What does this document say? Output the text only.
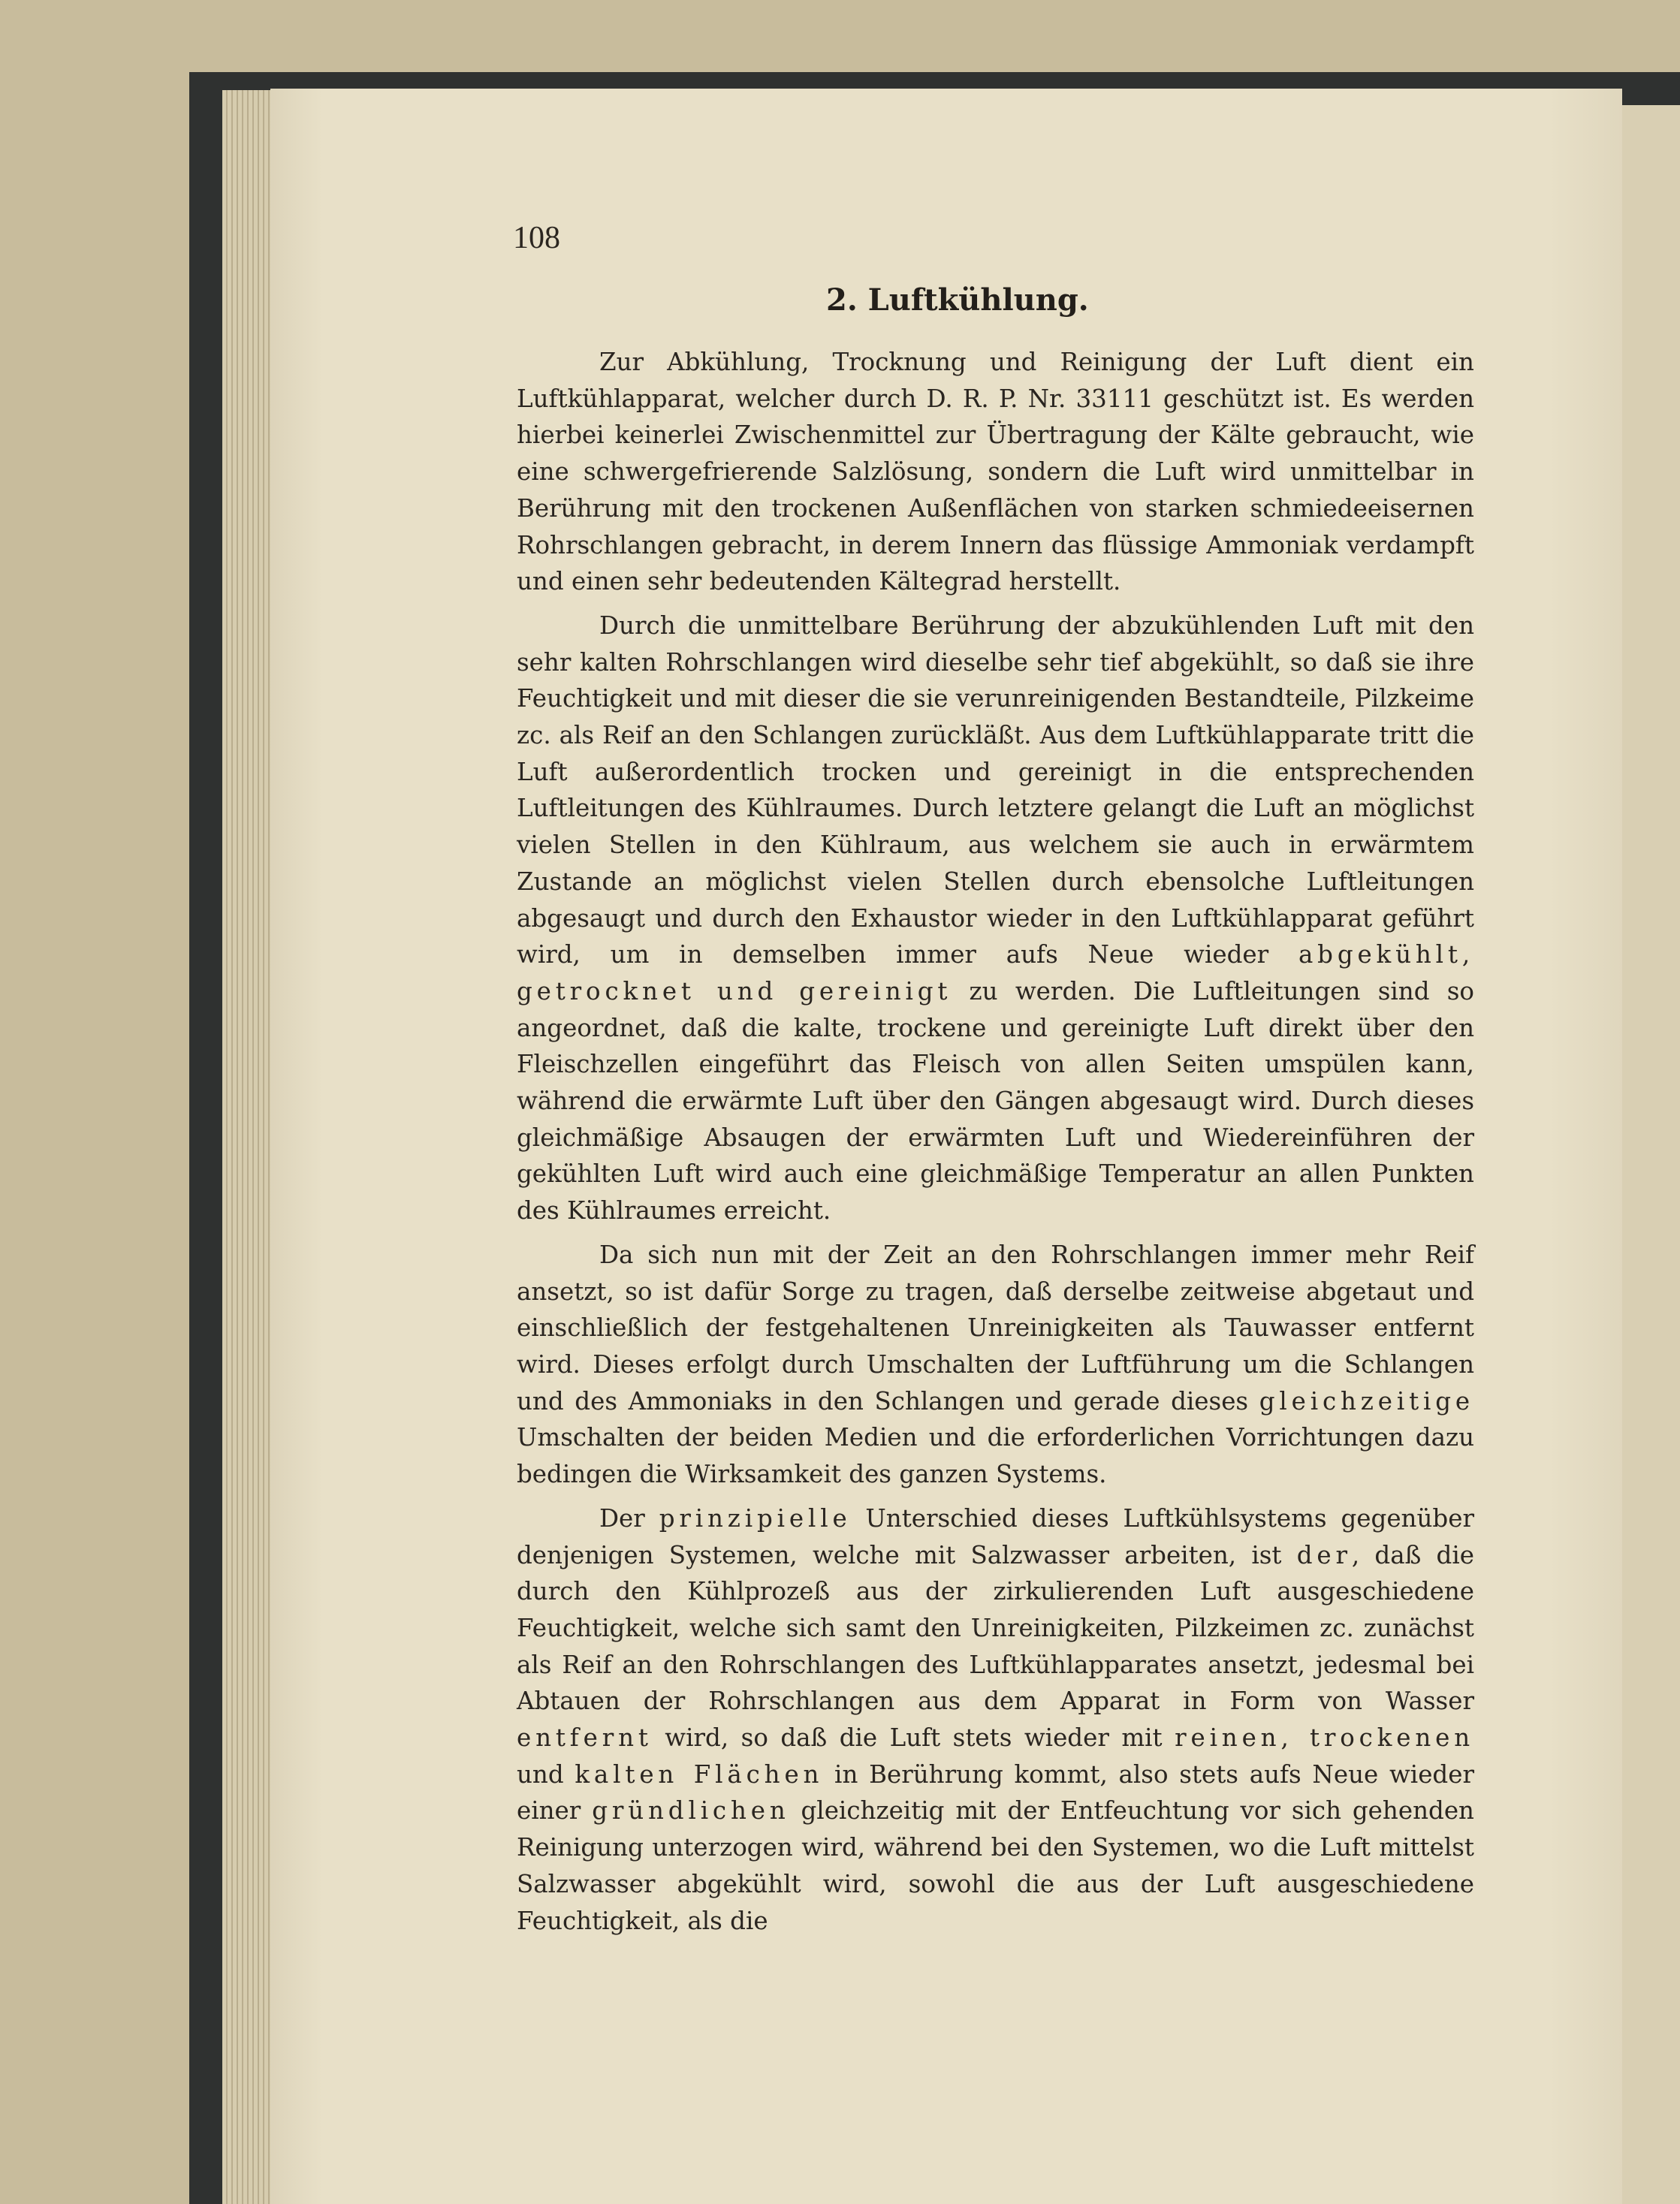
108
2. Luftkühlung.

Zur Abkühlung, Trocknung und Reinigung der Luft dient ein Luftkühlapparat, welcher durch D. R. P. Nr. 33111 geschützt ist. Es werden hierbei keinerlei Zwischenmittel zur Übertragung der Kälte gebraucht, wie eine schwergefrierende Salzlösung, sondern die Luft wird unmittelbar in Berührung mit den trockenen Außenflächen von starken schmiedeeisernen Rohrschlangen gebracht, in derem Innern das flüssige Ammoniak verdampft und einen sehr bedeutenden Kältegrad herstellt.

Durch die unmittelbare Berührung der abzukühlenden Luft mit den sehr kalten Rohrschlangen wird dieselbe sehr tief abgekühlt, so daß sie ihre Feuchtigkeit und mit dieser die sie verunreinigenden Bestandteile, Pilzkeime zc. als Reif an den Schlangen zurückläßt. Aus dem Luftkühlapparate tritt die Luft außerordentlich trocken und gereinigt in die entsprechenden Luftleitungen des Kühlraumes. Durch letztere gelangt die Luft an möglichst vielen Stellen in den Kühlraum, aus welchem sie auch in erwärmtem Zustande an möglichst vielen Stellen durch ebensolche Luftleitungen abgesaugt und durch den Exhaustor wieder in den Luftkühlapparat geführt wird, um in demselben immer aufs Neue wieder abgekühlt, getrocknet und gereinigt zu werden. Die Luftleitungen sind so angeordnet, daß die kalte, trockene und gereinigte Luft direkt über den Fleischzellen eingeführt das Fleisch von allen Seiten umspülen kann, während die erwärmte Luft über den Gängen abgesaugt wird. Durch dieses gleichmäßige Absaugen der erwärmten Luft und Wiedereinführen der gekühlten Luft wird auch eine gleichmäßige Temperatur an allen Punkten des Kühlraumes erreicht.

Da sich nun mit der Zeit an den Rohrschlangen immer mehr Reif ansetzt, so ist dafür Sorge zu tragen, daß derselbe zeitweise abgetaut und einschließlich der festgehaltenen Unreinigkeiten als Tauwasser entfernt wird. Dieses erfolgt durch Umschalten der Luftführung um die Schlangen und des Ammoniaks in den Schlangen und gerade dieses gleichzeitige Umschalten der beiden Medien und die erforderlichen Vorrichtungen dazu bedingen die Wirksamkeit des ganzen Systems.

Der prinzipielle Unterschied dieses Luftkühlsystems gegenüber denjenigen Systemen, welche mit Salzwasser arbeiten, ist der, daß die durch den Kühlprozeß aus der zirkulierenden Luft ausgeschiedene Feuchtigkeit, welche sich samt den Unreinigkeiten, Pilzkeimen zc. zunächst als Reif an den Rohrschlangen des Luftkühlapparates ansetzt, jedesmal bei Abtauen der Rohrschlangen aus dem Apparat in Form von Wasser entfernt wird, so daß die Luft stets wieder mit reinen, trockenen und kalten Flächen in Berührung kommt, also stets aufs Neue wieder einer gründlichen gleichzeitig mit der Entfeuchtung vor sich gehenden Reinigung unterzogen wird, während bei den Systemen, wo die Luft mittelst Salzwasser abgekühlt wird, sowohl die aus der Luft ausgeschiedene Feuchtigkeit, als die
